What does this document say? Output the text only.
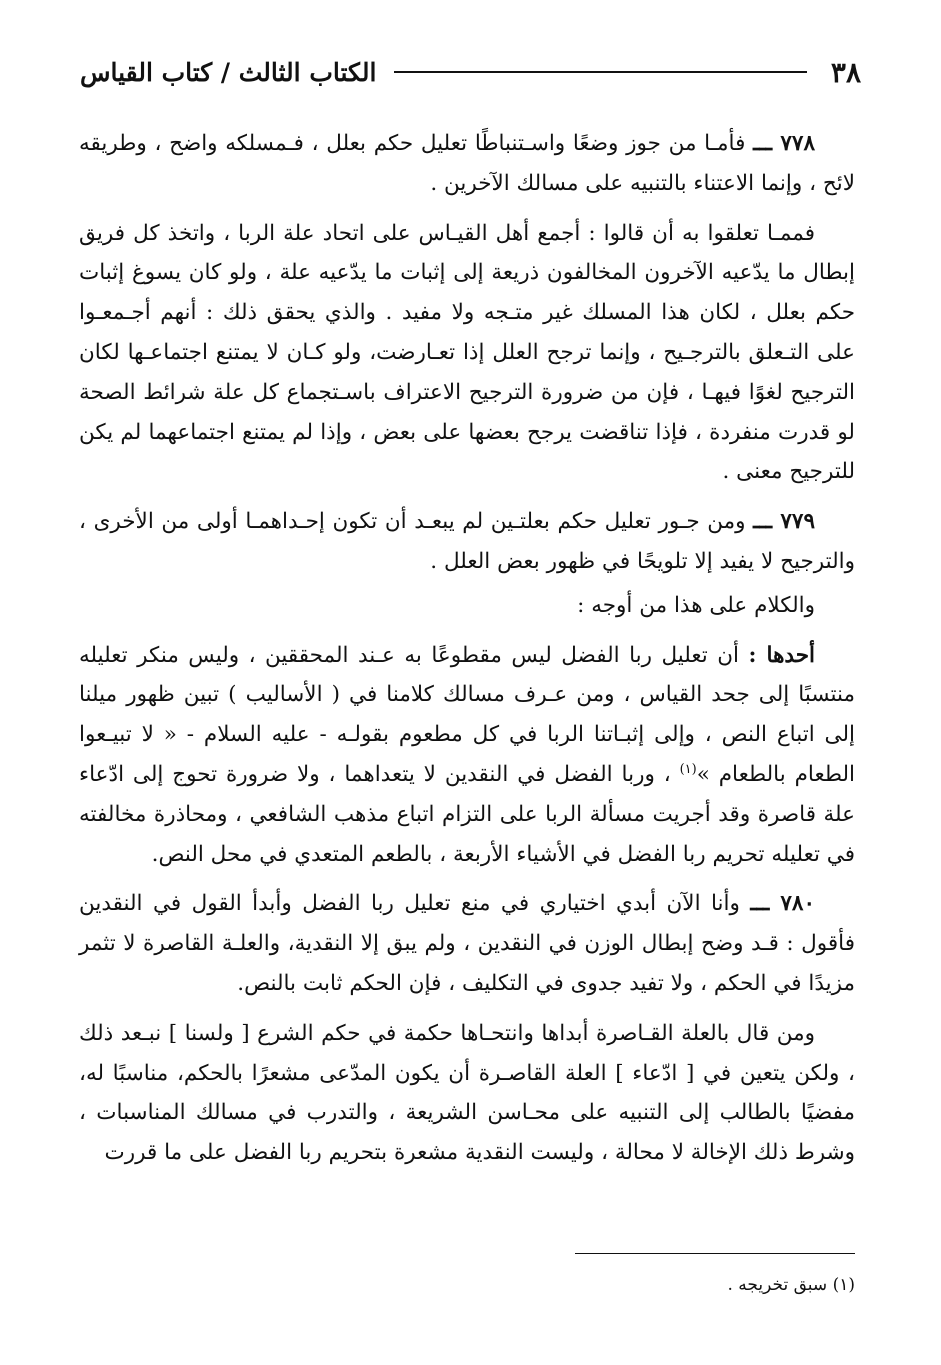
٣٨
الكتاب الثالث / كتاب القياس

٧٧٨ ـــ فأمـا من جوز وضعًا واسـتنباطًا تعليل حكم بعلل ، فـمسلكه واضح ، وطريقه لائح ، وإنما الاعتناء بالتنبيه على مسالك الآخرين .

فممـا تعلقوا به أن قالوا : أجمع أهل القيـاس على اتحاد علة الربا ، واتخذ كل فريق إبطال ما يدّعيه الآخرون المخالفون ذريعة إلى إثبات ما يدّعيه علة ، ولو كان يسوغ إثبات حكم بعلل ، لكان هذا المسلك غير متـجه ولا مفيد . والذي يحقق ذلك : أنهم أجـمعـوا على التـعلق بالترجـيح ، وإنما ترجح العلل إذا تعـارضت، ولو كـان لا يمتنع اجتماعـها لكان الترجيح لغوًا فيهـا ، فإن من ضرورة الترجيح الاعتراف باسـتجماع كل علة شرائط الصحة لو قدرت منفردة ، فإذا تناقضت يرجح بعضها على بعض ، وإذا لم يمتنع اجتماعهما لم يكن للترجيح معنى .

٧٧٩ ـــ ومن جـور تعليل حكم بعلتـين لم يبعـد أن تكون إحـداهمـا أولى من الأخرى ، والترجيح لا يفيد إلا تلويحًا في ظهور بعض العلل .

والكلام على هذا من أوجه :

أحدها : أن تعليل ربا الفضل ليس مقطوعًا به عـند المحققين ، وليس منكر تعليله منتسبًا إلى جحد القياس ، ومن عـرف مسالك كلامنا في ( الأساليب ) تبين ظهور ميلنا إلى اتباع النص ، وإلى إثبـاتنا الربا في كل مطعوم بقولـه - عليه السلام - « لا تبيـعوا الطعام بالطعام »$^{(١)}$ ، وربا الفضل في النقدين لا يتعداهما ، ولا ضرورة تحوج إلى ادّعاء علة قاصرة وقد أجريت مسألة الربا على التزام اتباع مذهب الشافعي ، ومحاذرة مخالفته في تعليله تحريم ربا الفضل في الأشياء الأربعة ، بالطعم المتعدي في محل النص.

٧٨٠ ـــ وأنا الآن أبدي اختياري في منع تعليل ربا الفضل وأبدأ القول في النقدين فأقول : قـد وضح إبطال الوزن في النقدين ، ولم يبق إلا النقدية، والعلـة القاصرة لا تثمر مزيدًا في الحكم ، ولا تفيد جدوى في التكليف ، فإن الحكم ثابت بالنص.

ومن قال بالعلة القـاصرة أبداها وانتحـاها حكمة في حكم الشرع [ ولسنا ] نبـعد ذلك ، ولكن يتعين في [ ادّعاء ] العلة القاصـرة أن يكون المدّعى مشعرًا بالحكم، مناسبًا له، مفضيًا بالطالب إلى التنبيه على محـاسن الشريعة ، والتدرب في مسالك المناسبات ، وشرط ذلك الإخالة لا محالة ، وليست النقدية مشعرة بتحريم ربا الفضل على ما قررت

(١) سبق تخريجه .
